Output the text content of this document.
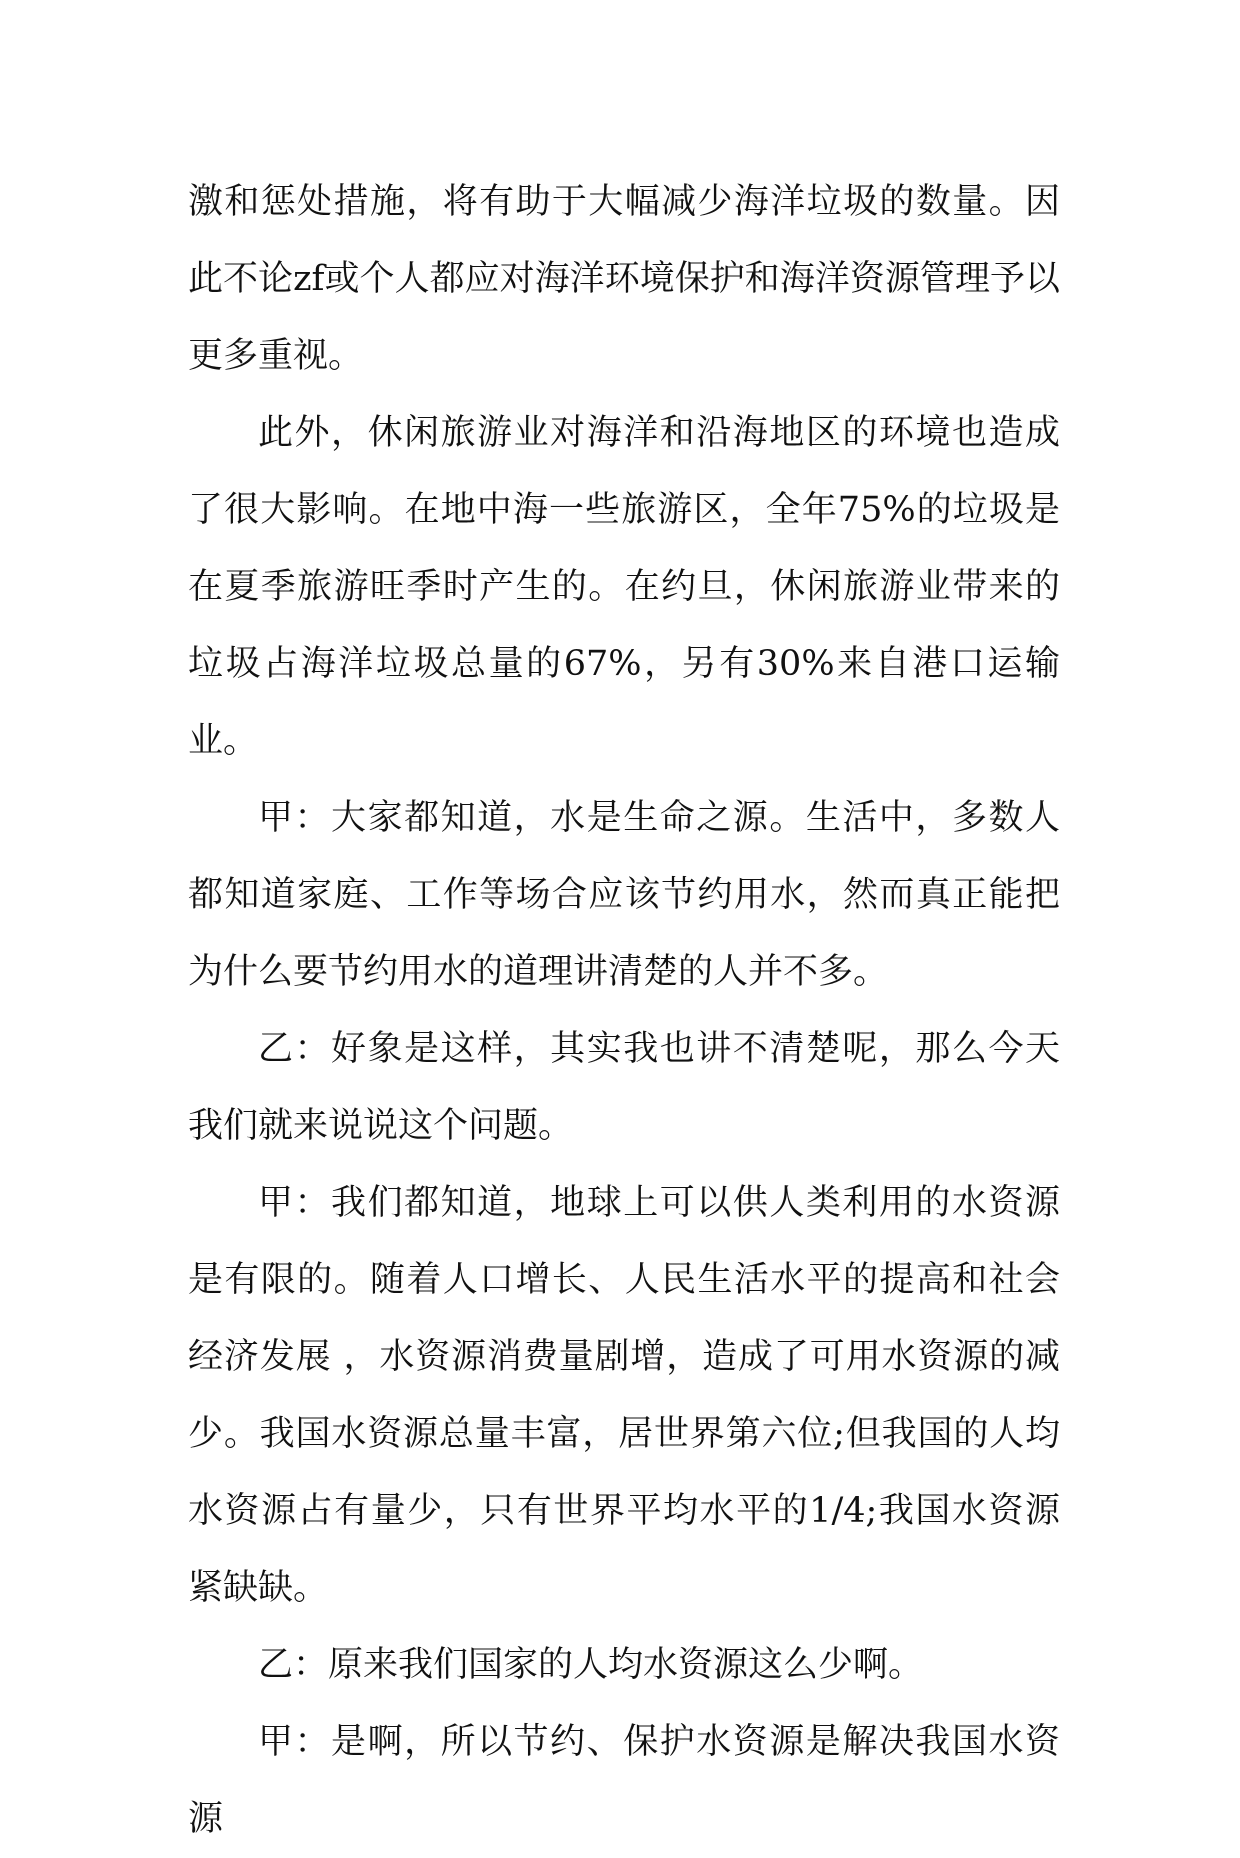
激和惩处措施，将有助于大幅减少海洋垃圾的数量。因此不论zf或个人都应对海洋环境保护和海洋资源管理予以更多重视。

此外，休闲旅游业对海洋和沿海地区的环境也造成了很大影响。在地中海一些旅游区，全年75%的垃圾是在夏季旅游旺季时产生的。在约旦，休闲旅游业带来的垃圾占海洋垃圾总量的67%，另有30%来自港口运输业。

甲：大家都知道，水是生命之源。生活中，多数人都知道家庭、工作等场合应该节约用水，然而真正能把为什么要节约用水的道理讲清楚的人并不多。

乙：好象是这样，其实我也讲不清楚呢，那么今天我们就来说说这个问题。

甲：我们都知道，地球上可以供人类利用的水资源是有限的。随着人口增长、人民生活水平的提高和社会经济发展 ，水资源消费量剧增，造成了可用水资源的减少。我国水资源总量丰富，居世界第六位;但我国的人均水资源占有量少，只有世界平均水平的1/4;我国水资源紧缺缺。

乙：原来我们国家的人均水资源这么少啊。

甲：是啊，所以节约、保护水资源是解决我国水资源
